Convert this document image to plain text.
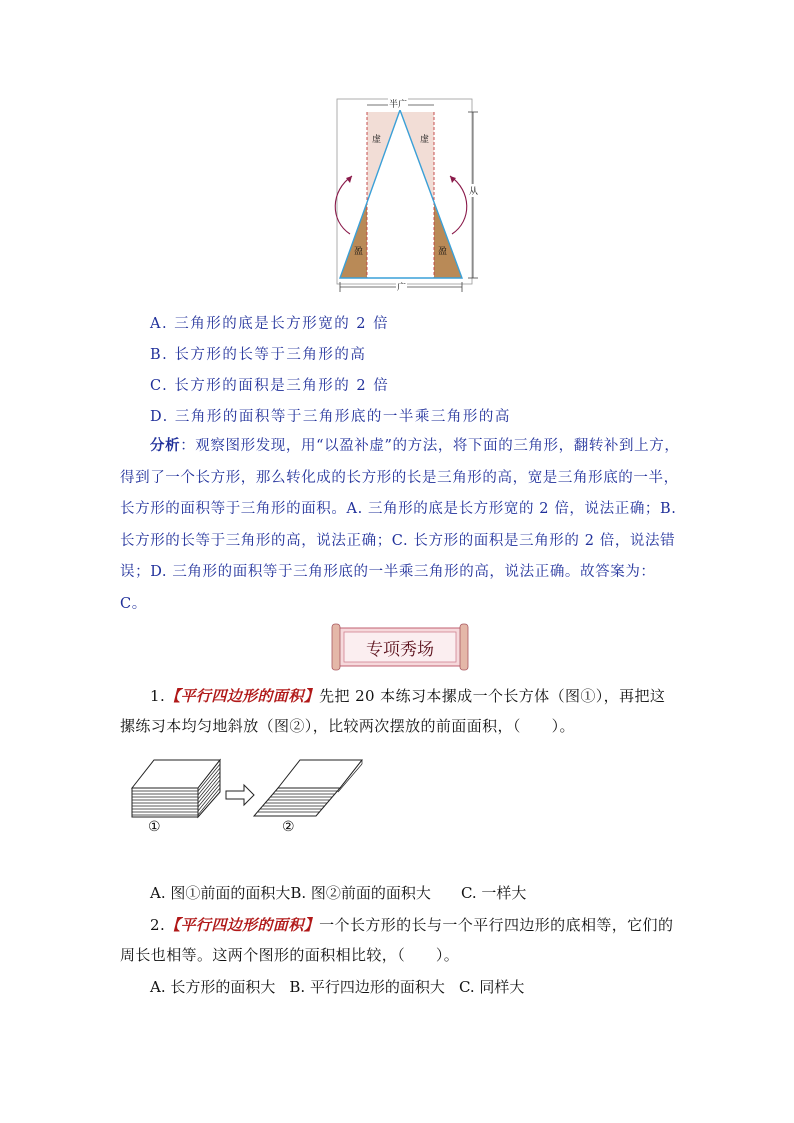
半广
广
从
虚	虚
盈	盈
A. 三角形的底是长方形宽的 2 倍
B. 长方形的长等于三角形的高
C. 长方形的面积是三角形的 2 倍
D. 三角形的面积等于三角形底的一半乘三角形的高
分析：观察图形发现，用“以盈补虚”的方法，将下面的三角形，翻转补到上方，得到了一个长方形，那么转化成的长方形的长是三角形的高，宽是三角形底的一半，长方形的面积等于三角形的面积。A. 三角形的底是长方形宽的 2 倍，说法正确；B. 长方形的长等于三角形的高，说法正确；C. 长方形的面积是三角形的 2 倍，说法错误；D. 三角形的面积等于三角形底的一半乘三角形的高，说法正确。故答案为：C。
专项秀场
1.【平行四边形的面积】先把 20 本练习本摞成一个长方体（图①），再把这摞练习本均匀地斜放（图②），比较两次摆放的前面面积，（　　）。
①	②
A. 图①前面的面积大B. 图②前面的面积大 C. 一样大
2.【平行四边形的面积】一个长方形的长与一个平行四边形的底相等，它们的周长也相等。这两个图形的面积相比较，（　　）。
A. 长方形的面积大 B. 平行四边形的面积大 C. 同样大
